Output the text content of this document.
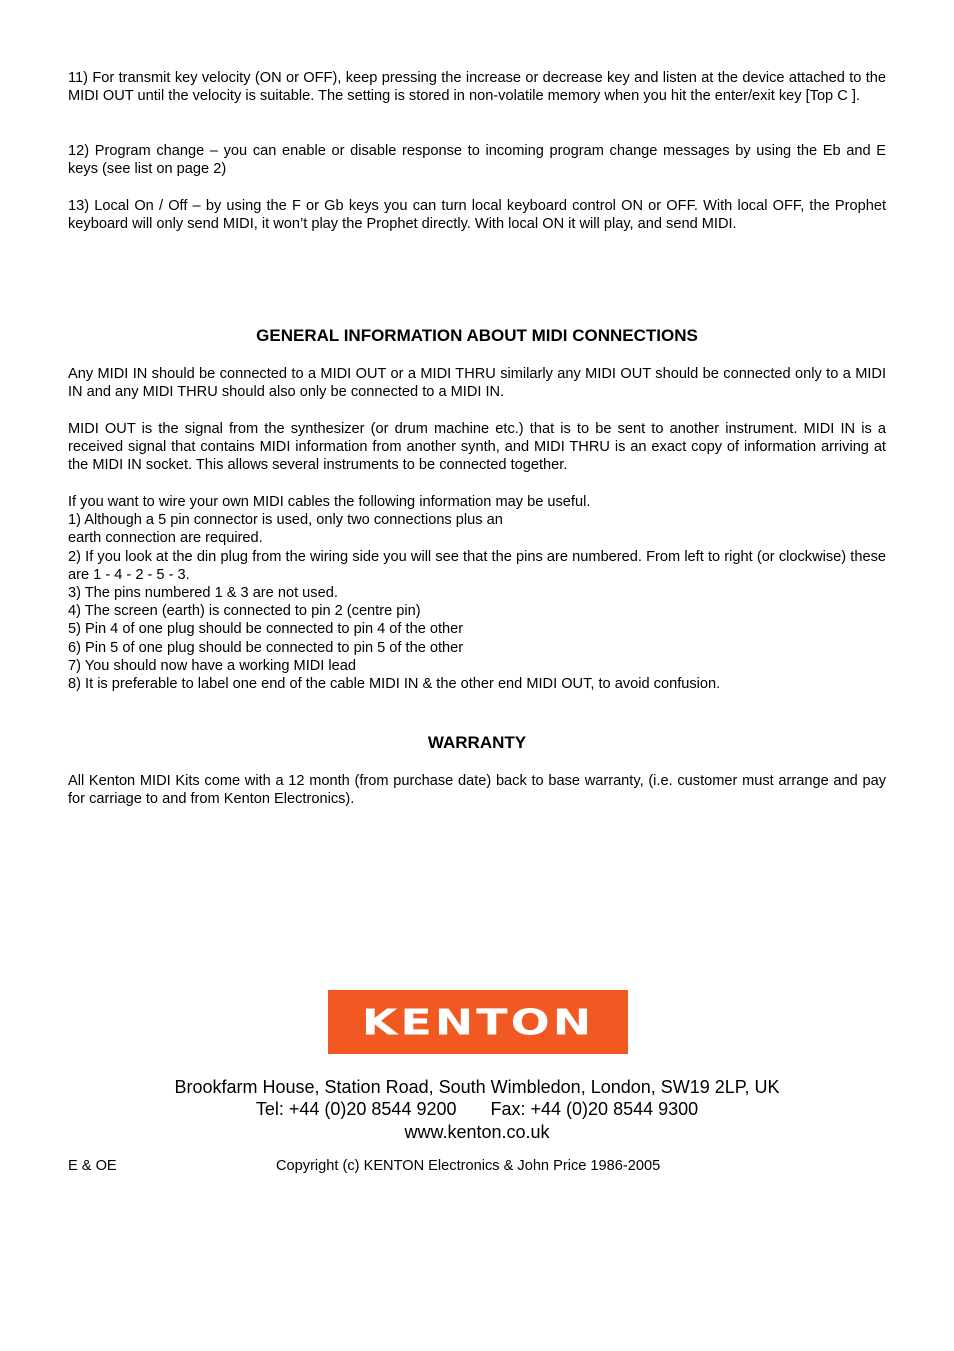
11) For transmit key velocity (ON or OFF), keep pressing the increase or decrease key and listen at the device attached to the MIDI OUT until the velocity is suitable. The setting is stored in non-volatile memory when you hit the enter/exit key [Top C ].

12) Program change – you can enable or disable response to incoming program change messages by using the Eb and E keys (see list on page 2)

13) Local On / Off – by using the F or Gb keys you can turn local keyboard control ON or OFF. With local OFF, the Prophet keyboard will only send MIDI, it won’t play the Prophet directly. With local ON it will play, and send MIDI.

GENERAL INFORMATION ABOUT MIDI CONNECTIONS

Any MIDI IN should be connected to a MIDI OUT or a MIDI THRU similarly any MIDI OUT should be connected only to a MIDI IN and any MIDI THRU should also only be connected to a MIDI IN.

MIDI OUT is the signal from the synthesizer (or drum machine etc.) that is to be sent to another instrument. MIDI IN is a received signal that contains MIDI information from another synth, and MIDI THRU is an exact copy of information arriving at the MIDI IN socket. This allows several instruments to be connected together.

If you want to wire your own MIDI cables the following information may be useful.

1) Although a 5 pin connector is used, only two connections plus an

earth connection are required.

2) If you look at the din plug from the wiring side you will see that the pins are numbered. From left to right (or clockwise) these are 1 - 4 - 2 - 5 - 3.

3) The pins numbered 1 & 3 are not used.

4) The screen (earth) is connected to pin 2 (centre pin)

5) Pin 4 of one plug should be connected to pin 4 of the other

6) Pin 5 of one plug should be connected to pin 5 of the other

7) You should now have a working MIDI lead

8) It is preferable to label one end of the cable MIDI IN & the other end MIDI OUT, to avoid confusion.

WARRANTY

All Kenton MIDI Kits come with a 12 month (from purchase date) back to base warranty, (i.e. customer must arrange and pay for carriage to and from Kenton Electronics).

KENTON
Brookfarm House, Station Road, South Wimbledon, London, SW19 2LP, UK
Tel: +44 (0)20 8544 9200 Fax: +44 (0)20 8544 9300
www.kenton.co.uk
E & OE	Copyright (c) KENTON Electronics & John Price 1986-2005
